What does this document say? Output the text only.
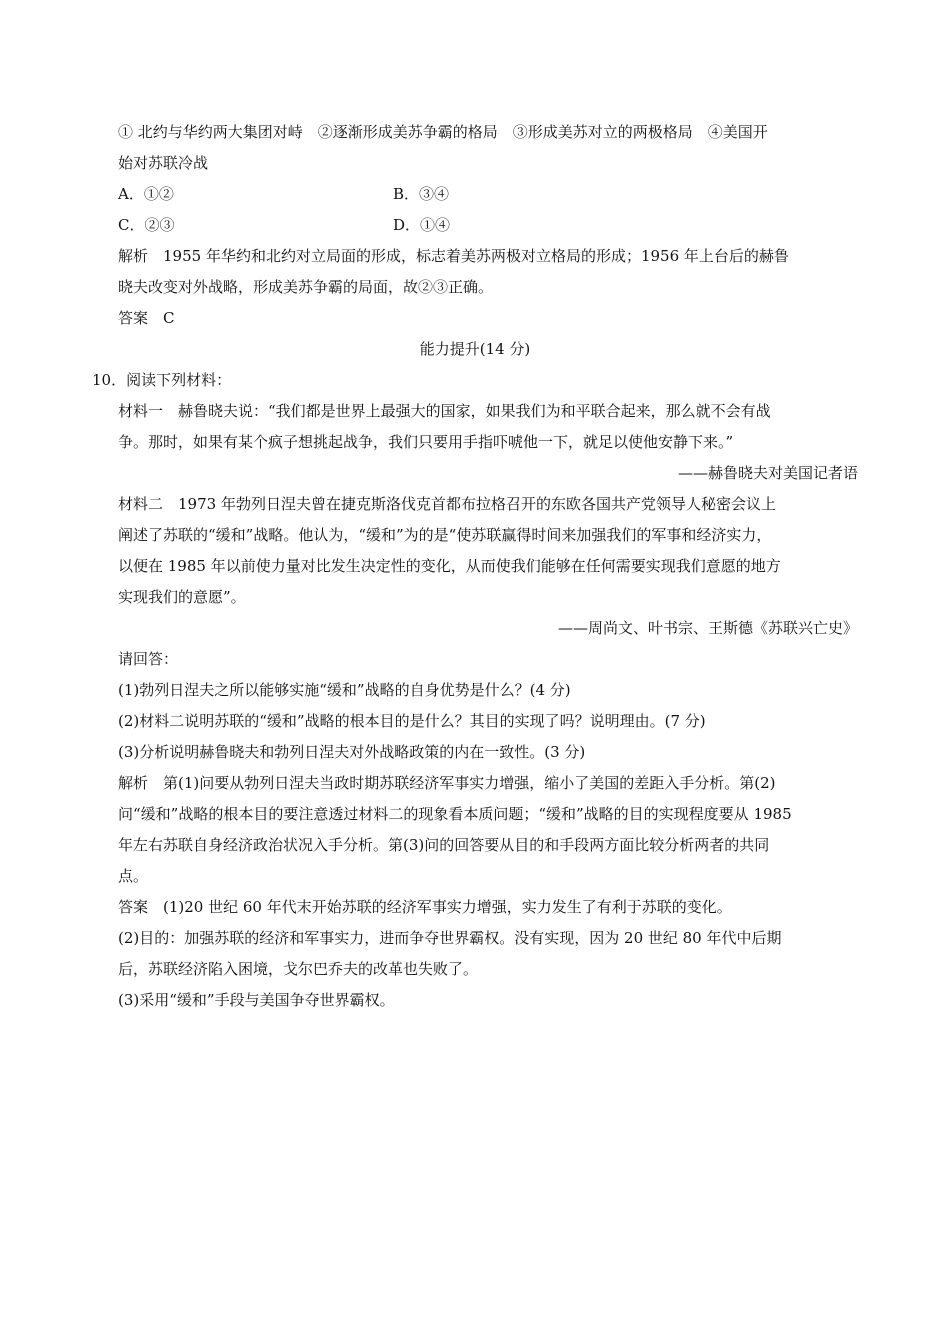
① 北约与华约两大集团对峙　②逐渐形成美苏争霸的格局　③形成美苏对立的两极格局　④美国开
始对苏联冷战
A．①②	B．③④
C．②③	D．①④
解析　1955 年华约和北约对立局面的形成，标志着美苏两极对立格局的形成；1956 年上台后的赫鲁
晓夫改变对外战略，形成美苏争霸的局面，故②③正确。
答案　C
能力提升(14 分)
10．阅读下列材料：
材料一　赫鲁晓夫说：“我们都是世界上最强大的国家，如果我们为和平联合起来，那么就不会有战
争。那时，如果有某个疯子想挑起战争，我们只要用手指吓唬他一下，就足以使他安静下来。”
——赫鲁晓夫对美国记者语
材料二　1973 年勃列日涅夫曾在捷克斯洛伐克首都布拉格召开的东欧各国共产党领导人秘密会议上
阐述了苏联的“缓和”战略。他认为，“缓和”为的是“使苏联赢得时间来加强我们的军事和经济实力，
以便在 1985 年以前使力量对比发生决定性的变化，从而使我们能够在任何需要实现我们意愿的地方
实现我们的意愿”。
——周尚文、叶书宗、王斯德《苏联兴亡史》
请回答：
(1)勃列日涅夫之所以能够实施“缓和”战略的自身优势是什么？(4 分)
(2)材料二说明苏联的“缓和”战略的根本目的是什么？其目的实现了吗？说明理由。(7 分)
(3)分析说明赫鲁晓夫和勃列日涅夫对外战略政策的内在一致性。(3 分)
解析　第(1)问要从勃列日涅夫当政时期苏联经济军事实力增强，缩小了美国的差距入手分析。第(2)
问“缓和”战略的根本目的要注意透过材料二的现象看本质问题；“缓和”战略的目的实现程度要从 1985
年左右苏联自身经济政治状况入手分析。第(3)问的回答要从目的和手段两方面比较分析两者的共同
点。
答案　(1)20 世纪 60 年代末开始苏联的经济军事实力增强，实力发生了有利于苏联的变化。
(2)目的：加强苏联的经济和军事实力，进而争夺世界霸权。没有实现，因为 20 世纪 80 年代中后期
后，苏联经济陷入困境，戈尔巴乔夫的改革也失败了。
(3)采用“缓和”手段与美国争夺世界霸权。
